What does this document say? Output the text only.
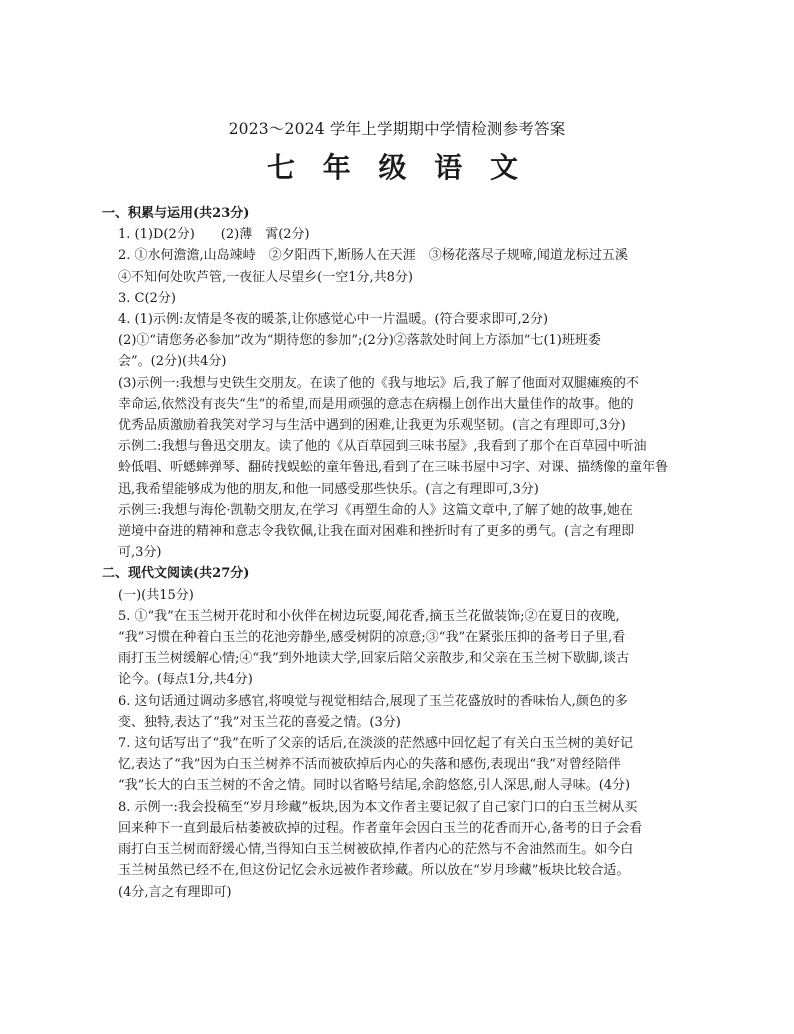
2023～2024 学年上学期期中学情检测参考答案
七 年 级 语 文

一、积累与运用(共23分)

1. (1)D(2分)　　(2)薄　霄(2分)

2. ①水何澹澹,山岛竦峙　②夕阳西下,断肠人在天涯　③杨花落尽子规啼,闻道龙标过五溪

④不知何处吹芦管,一夜征人尽望乡(一空1分,共8分)

3. C(2分)

4. (1)示例:友情是冬夜的暖茶,让你感觉心中一片温暖。(符合要求即可,2分)

(2)①“请您务必参加”改为“期待您的参加”;(2分)②落款处时间上方添加“七(1)班班委

会”。(2分)(共4分)

(3)示例一:我想与史铁生交朋友。在读了他的《我与地坛》后,我了解了他面对双腿瘫痪的不

幸命运,依然没有丧失“生”的希望,而是用顽强的意志在病榻上创作出大量佳作的故事。他的

优秀品质激励着我笑对学习与生活中遇到的困难,让我更为乐观坚韧。(言之有理即可,3分)

示例二:我想与鲁迅交朋友。读了他的《从百草园到三味书屋》,我看到了那个在百草园中听油

蛉低唱、听蟋蟀弹琴、翻砖找蜈蚣的童年鲁迅,看到了在三味书屋中习字、对课、描绣像的童年鲁

迅,我希望能够成为他的朋友,和他一同感受那些快乐。(言之有理即可,3分)

示例三:我想与海伦·凯勒交朋友,在学习《再塑生命的人》这篇文章中,了解了她的故事,她在

逆境中奋进的精神和意志令我钦佩,让我在面对困难和挫折时有了更多的勇气。(言之有理即

可,3分)

二、现代文阅读(共27分)

(一)(共15分)

5. ①“我”在玉兰树开花时和小伙伴在树边玩耍,闻花香,摘玉兰花做装饰;②在夏日的夜晚,

“我”习惯在种着白玉兰的花池旁静坐,感受树阴的凉意;③“我”在紧张压抑的备考日子里,看

雨打玉兰树缓解心情;④“我”到外地读大学,回家后陪父亲散步,和父亲在玉兰树下歇脚,谈古

论今。(每点1分,共4分)

6. 这句话通过调动多感官,将嗅觉与视觉相结合,展现了玉兰花盛放时的香味怡人,颜色的多

变、独特,表达了“我”对玉兰花的喜爱之情。(3分)

7. 这句话写出了“我”在听了父亲的话后,在淡淡的茫然感中回忆起了有关白玉兰树的美好记

忆,表达了“我”因为白玉兰树养不活而被砍掉后内心的失落和感伤,表现出“我”对曾经陪伴

“我”长大的白玉兰树的不舍之情。同时以省略号结尾,余韵悠悠,引人深思,耐人寻味。(4分)

8. 示例一:我会投稿至“岁月珍藏”板块,因为本文作者主要记叙了自己家门口的白玉兰树从买

回来种下一直到最后枯萎被砍掉的过程。作者童年会因白玉兰的花香而开心,备考的日子会看

雨打白玉兰树而舒缓心情,当得知白玉兰树被砍掉,作者内心的茫然与不舍油然而生。如今白

玉兰树虽然已经不在,但这份记忆会永远被作者珍藏。所以放在“岁月珍藏”板块比较合适。

(4分,言之有理即可)
